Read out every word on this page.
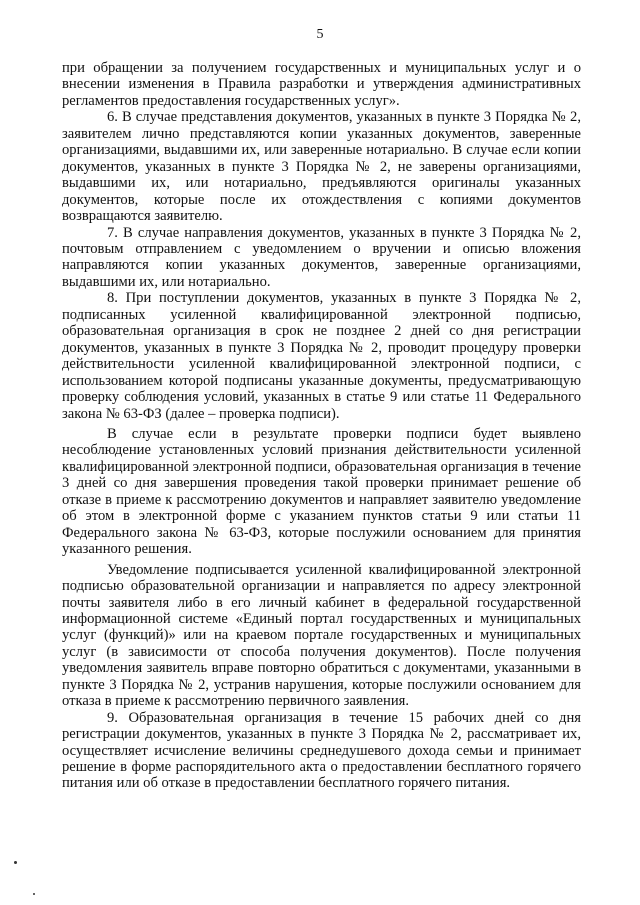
5

при обращении за получением государственных и муниципальных услуг и о внесении изменения в Правила разработки и утверждения административных регламентов предоставления государственных услуг».

6. В случае представления документов, указанных в пункте 3 Порядка № 2, заявителем лично представляются копии указанных документов, заверенные организациями, выдавшими их, или заверенные нотариально. В случае если копии документов, указанных в пункте 3 Порядка № 2, не заверены организациями, выдавшими их, или нотариально, предъявляются оригиналы указанных документов, которые после их отождествления с копиями документов возвращаются заявителю.

7. В случае направления документов, указанных в пункте 3 Порядка № 2, почтовым отправлением с уведомлением о вручении и описью вложения направляются копии указанных документов, заверенные организациями, выдавшими их, или нотариально.

8. При поступлении документов, указанных в пункте 3 Порядка № 2, подписанных усиленной квалифицированной электронной подписью, образовательная организация в срок не позднее 2 дней со дня регистрации документов, указанных в пункте 3 Порядка № 2, проводит процедуру проверки действительности усиленной квалифицированной электронной подписи, с использованием которой подписаны указанные документы, предусматривающую проверку соблюдения условий, указанных в статье 9 или статье 11 Федерального закона № 63-ФЗ (далее – проверка подписи).

В случае если в результате проверки подписи будет выявлено несоблюдение установленных условий признания действительности усиленной квалифицированной электронной подписи, образовательная организация в течение 3 дней со дня завершения проведения такой проверки принимает решение об отказе в приеме к рассмотрению документов и направляет заявителю уведомление об этом в электронной форме с указанием пунктов статьи 9 или статьи 11 Федерального закона № 63-ФЗ, которые послужили основанием для принятия указанного решения.

Уведомление подписывается усиленной квалифицированной электронной подписью образовательной организации и направляется по адресу электронной почты заявителя либо в его личный кабинет в федеральной государственной информационной системе «Единый портал государственных и муниципальных услуг (функций)» или на краевом портале государственных и муниципальных услуг (в зависимости от способа получения документов). После получения уведомления заявитель вправе повторно обратиться с документами, указанными в пункте 3 Порядка № 2, устранив нарушения, которые послужили основанием для отказа в приеме к рассмотрению первичного заявления.

9. Образовательная организация в течение 15 рабочих дней со дня регистрации документов, указанных в пункте 3 Порядка № 2, рассматривает их, осуществляет исчисление величины среднедушевого дохода семьи и принимает решение в форме распорядительного акта о предоставлении бесплатного горячего питания или об отказе в предоставлении бесплатного горячего питания.
